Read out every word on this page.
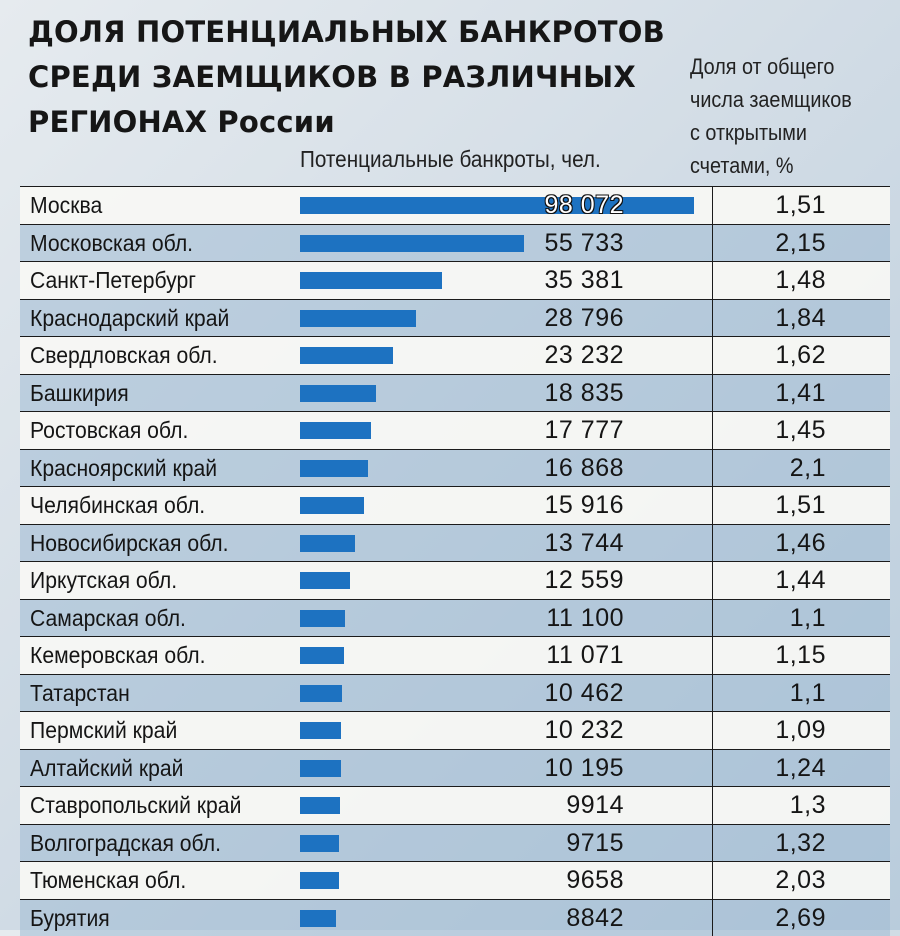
ДОЛЯ ПОТЕНЦИАЛЬНЫХ БАНКРОТОВ
СРЕДИ ЗАЕМЩИКОВ В РАЗЛИЧНЫХ
РЕГИОНАХ России
Потенциальные банкроты, чел.
Доля от общего
числа заемщиков
с открытыми
счетами, %
Москва	98 072	1,51
Московская обл.	55 733	2,15
Санкт-Петербург	35 381	1,48
Краснодарский край	28 796	1,84
Свердловская обл.	23 232	1,62
Башкирия	18 835	1,41
Ростовская обл.	17 777	1,45
Красноярский край	16 868	2,1
Челябинская обл.	15 916	1,51
Новосибирская обл.	13 744	1,46
Иркутская обл.	12 559	1,44
Самарская обл.	11 100	1,1
Кемеровская обл.	11 071	1,15
Татарстан	10 462	1,1
Пермский край	10 232	1,09
Алтайский край	10 195	1,24
Ставропольский край	9914	1,3
Волгоградская обл.	9715	1,32
Тюменская обл.	9658	2,03
Бурятия	8842	2,69
